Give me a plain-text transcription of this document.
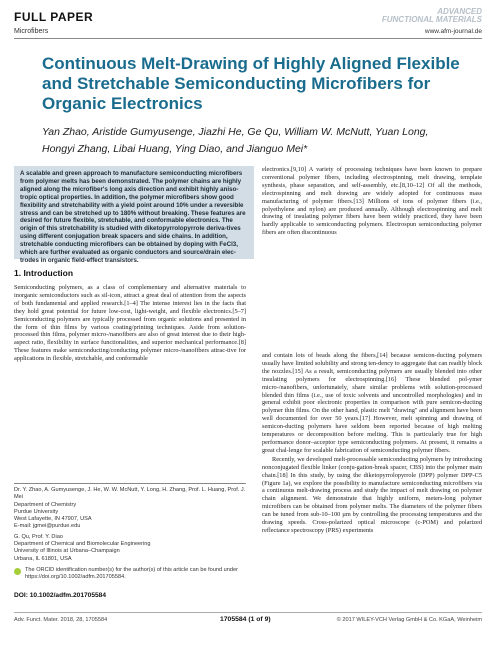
FULL PAPER
Microfibers
ADVANCED
FUNCTIONAL MATERIALS
www.afm-journal.de
Continuous Melt-Drawing of Highly Aligned Flexible and Stretchable Semiconducting Microfibers for Organic Electronics
Yan Zhao, Aristide Gumyusenge, Jiazhi He, Ge Qu, William W. McNutt, Yuan Long, Hongyi Zhang, Libai Huang, Ying Diao, and Jianguo Mei*
A scalable and green approach to manufacture semiconducting microfibers from polymer melts has been demonstrated. The polymer chains are highly aligned along the microfiber's long axis direction and exhibit highly aniso-tropic optical properties. In addition, the polymer microfibers show good flexibility and stretchability with a yield point around 10% under a reversible stress and can be stretched up to 180% without breaking. These features are desired for future flexible, stretchable, and conformable electronics. The origin of this stretchability is studied with diketopyrrolopyrrole deriva-tives using different conjugation break spacers and side chains. In addition, stretchable conducting microfibers can be obtained by doping with FeCl3, which are further evaluated as organic conductors and source/drain elec-trodes in organic field-effect transistors.

electronics.[9,10] A variety of processing techniques have been known to prepare conventional polymer fibers, including electrospinning, melt drawing, template synthesis, phase separation, and self-assembly, etc.[8,10–12] Of all the methods, electrospinning and melt drawing are widely adopted for continuous mass manufacturing of polymer fibers.[13] Millions of tons of polymer fibers (i.e., polyethylene and nylon) are produced annually. Although electrospinning and melt drawing of insulating polymer fibers have been widely practiced, they have been hardly applicable to semiconducting polymers. Electrospun semiconducting polymer fibers are often discontinuous

1. Introduction

Semiconducting polymers, as a class of complementary and alternative materials to inorganic semiconductors such as sil-icon, attract a great deal of attention from the aspects of both fundamental and applied research.[1–4] The intense interest lies in the facts that they hold great potential for future low-cost, light-weight, and flexible electronics.[5–7] Semiconducting polymers are typically processed from organic solutions and presented in the form of thin films by various coating/printing techniques. Aside from solution-processed thin films, polymer micro-/nanofibers are also of great interest due to their high-aspect ratio, flexibility in surface functionalities, and superior mechanical performance.[8] These features make semiconducting/conducting polymer micro-/nanofibers attrac-tive for applications in flexible, stretchable, and conformable	and contain lots of beads along the fibers,[14] because semicon-ducting polymers usually have limited solubility and strong ten-dency to aggregate that can readily block the nozzles.[15] As a result, semiconducting polymers are usually blended into other insulating polymers for electrospinning.[16] These blended pol-ymer micro-/nanofibers, unfortunately, share similar problems with solution-processed blended thin films (i.e., use of toxic solvents and uncontrolled morphologies) and in general exhibit poor electronic properties in comparison with pure semicon-ducting polymer thin films. On the other hand, plastic melt "drawing" and alignment have been well documented for over 50 years.[17] However, melt spinning and drawing of semicon-ducting polymers have seldom been reported because of high melting temperatures or decomposition before melting. This is particularly true for high performance donor–acceptor type semiconducting polymers. At present, it remains a great chal-lenge for scalable fabrication of semiconducting polymer fibers.

Recently, we developed melt-processable semiconducting polymers by introducing nonconjugated flexible linker (conju-gation-break spacer, CBS) into the polymer main chain.[18] In this study, by using the diketopyrrolopyrrole (DPP) polymer DPP-C5 (Figure 1a), we explore the possibility to manufacture semiconducting microfibers via a continuous melt-drawing process and study the impact of melt drawing on polymer chain alignment. We demonstrate that highly uniform, meters-long polymer microfibers can be obtained from polymer melts. The diameters of the polymer fibers can be tuned from sub-10–100 µm by controlling the processing temperatures and the drawing speeds. Cross-polarized optical microscope (c-POM) and polarized reflectance spectroscopy (PRS) experiments

Dr. Y. Zhao, A. Gumyusenge, J. He, W. W. McNutt, Y. Long, H. Zhang, Prof. L. Huang, Prof. J. Mei
Department of Chemistry
Purdue University
West Lafayette, IN 47907, USA
E-mail: jgmei@purdue.edu
G. Qu, Prof. Y. Diao
Department of Chemical and Biomolecular Engineering
University of Illinois at Urbana–Champaign
Urbana, IL 61801, USA
The ORCID identification number(s) for the author(s) of this article can be found under https://doi.org/10.1002/adfm.201705584.
DOI: 10.1002/adfm.201705584
Adv. Funct. Mater. 2018, 28, 1705584	1705584 (1 of 9)	© 2017 WILEY-VCH Verlag GmbH & Co. KGaA, Weinheim
